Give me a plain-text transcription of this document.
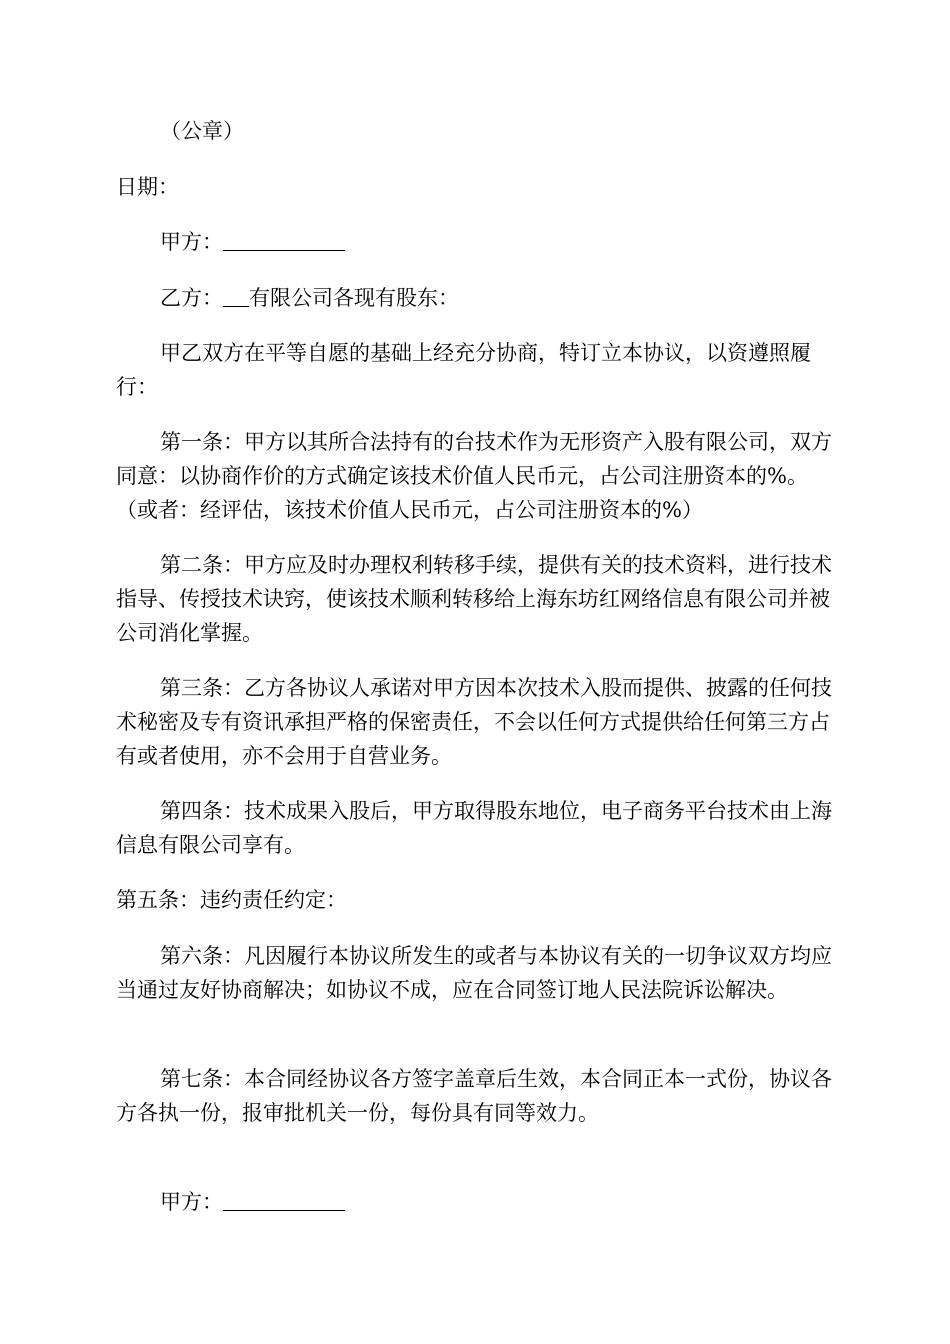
（公章）

日期：

甲方：

乙方： 有限公司各现有股东：

甲乙双方在平等自愿的基础上经充分协商，特订立本协议，以资遵照履行：

第一条：甲方以其所合法持有的台技术作为无形资产入股有限公司，双方同意：以协商作价的方式确定该技术价值人民币元，占公司注册资本的%。（或者：经评估，该技术价值人民币元，占公司注册资本的%）

第二条：甲方应及时办理权利转移手续，提供有关的技术资料，进行技术指导、传授技术诀窍，使该技术顺利转移给上海东坊红网络信息有限公司并被公司消化掌握。

第三条：乙方各协议人承诺对甲方因本次技术入股而提供、披露的任何技术秘密及专有资讯承担严格的保密责任，不会以任何方式提供给任何第三方占有或者使用，亦不会用于自营业务。

第四条：技术成果入股后，甲方取得股东地位，电子商务平台技术由上海信息有限公司享有。

第五条：违约责任约定：

第六条：凡因履行本协议所发生的或者与本协议有关的一切争议双方均应当通过友好协商解决；如协议不成，应在合同签订地人民法院诉讼解决。

第七条：本合同经协议各方签字盖章后生效，本合同正本一式份，协议各方各执一份，报审批机关一份，每份具有同等效力。

甲方：
